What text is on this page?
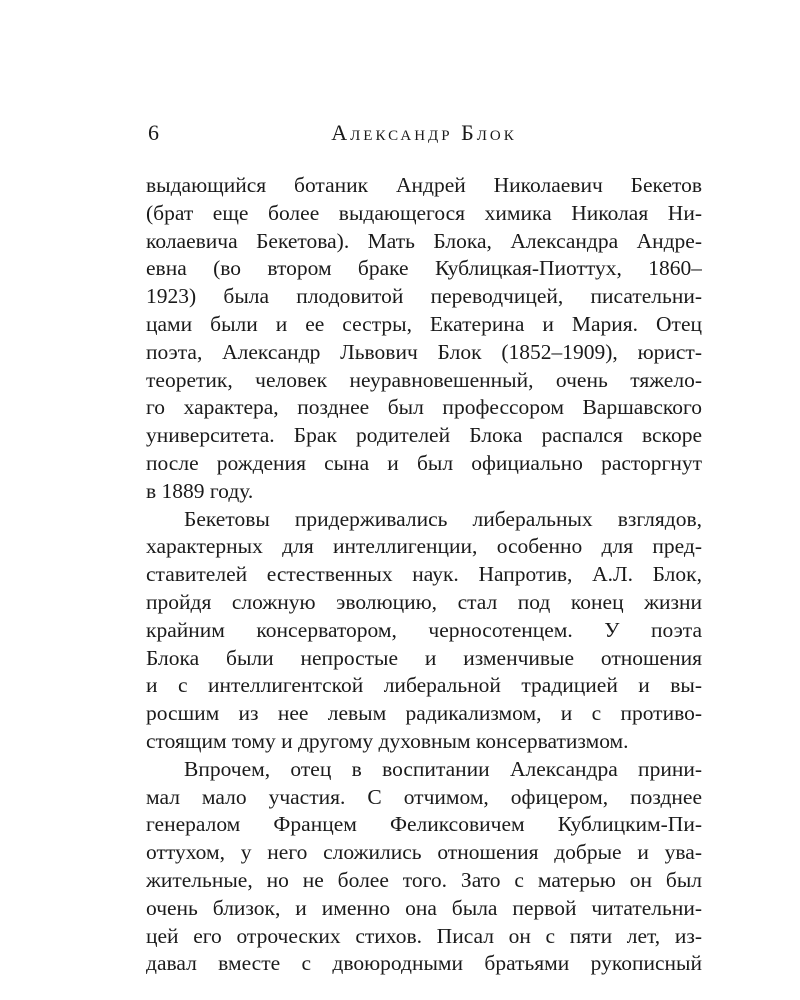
6	Александр Блок
выдающийся ботаник Андрей Николаевич Бекетов
(брат еще более выдающегося химика Николая Ни-
колаевича Бекетова). Мать Блока, Александра Андре-
евна (во втором браке Кублицкая-Пиоттух, 1860–
1923) была плодовитой переводчицей, писательни-
цами были и ее сестры, Екатерина и Мария. Отец
поэта, Александр Львович Блок (1852–1909), юрист-
теоретик, человек неуравновешенный, очень тяжело-
го характера, позднее был профессором Варшавского
университета. Брак родителей Блока распался вскоре
после рождения сына и был официально расторгнут
в 1889 году.
Бекетовы придерживались либеральных взглядов,
характерных для интеллигенции, особенно для пред-
ставителей естественных наук. Напротив, А.Л. Блок,
пройдя сложную эволюцию, стал под конец жизни
крайним консерватором, черносотенцем. У поэта
Блока были непростые и изменчивые отношения
и с интеллигентской либеральной традицией и вы-
росшим из нее левым радикализмом, и с противо-
стоящим тому и другому духовным консерватизмом.
Впрочем, отец в воспитании Александра прини-
мал мало участия. С отчимом, офицером, позднее
генералом Францем Феликсовичем Кублицким-Пи-
оттухом, у него сложились отношения добрые и ува-
жительные, но не более того. Зато с матерью он был
очень близок, и именно она была первой читательни-
цей его отроческих стихов. Писал он с пяти лет, из-
давал вместе с двоюродными братьями рукописный
